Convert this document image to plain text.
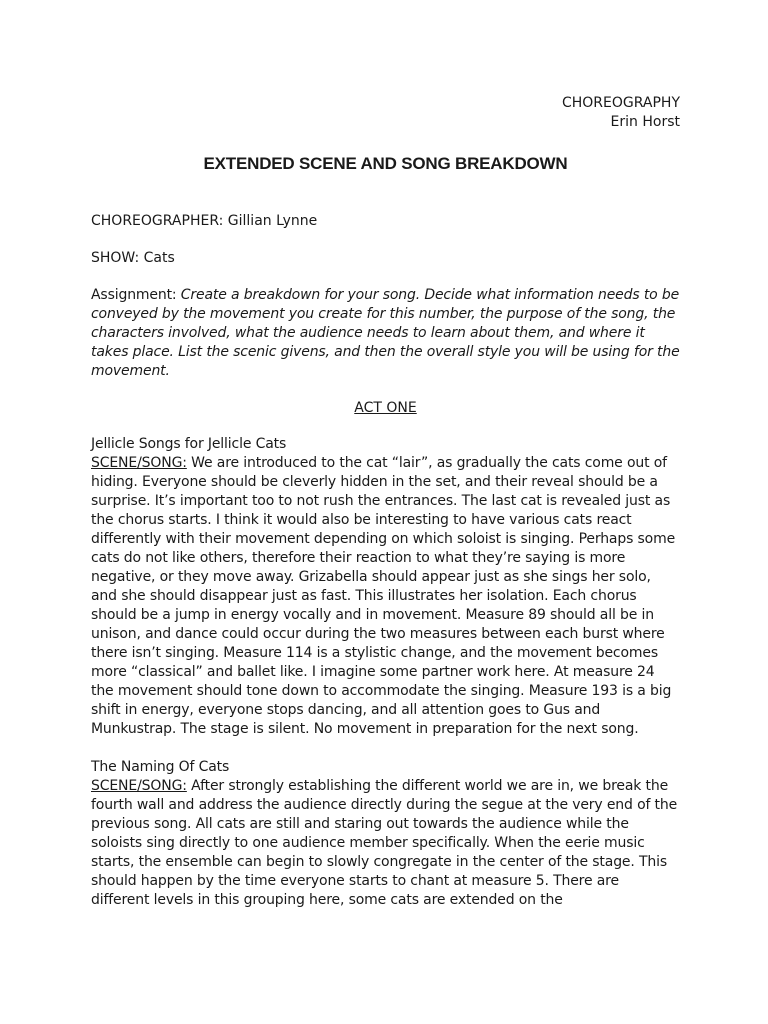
CHOREOGRAPHY
Erin Horst
EXTENDED SCENE AND SONG BREAKDOWN
CHOREOGRAPHER: Gillian Lynne
SHOW: Cats
Assignment: Create a breakdown for your song. Decide what information needs to be conveyed by the movement you create for this number, the purpose of the song, the characters involved, what the audience needs to learn about them, and where it takes place. List the scenic givens, and then the overall style you will be using for the movement.
ACT ONE
Jellicle Songs for Jellicle Cats
SCENE/SONG: We are introduced to the cat “lair”, as gradually the cats come out of hiding. Everyone should be cleverly hidden in the set, and their reveal should be a surprise. It’s important too to not rush the entrances. The last cat is revealed just as the chorus starts. I think it would also be interesting to have various cats react differently with their movement depending on which soloist is singing. Perhaps some cats do not like others, therefore their reaction to what they’re saying is more negative, or they move away. Grizabella should appear just as she sings her solo, and she should disappear just as fast. This illustrates her isolation. Each chorus should be a jump in energy vocally and in movement. Measure 89 should all be in unison, and dance could occur during the two measures between each burst where there isn’t singing. Measure 114 is a stylistic change, and the movement becomes more “classical” and ballet like. I imagine some partner work here. At measure 24 the movement should tone down to accommodate the singing. Measure 193 is a big shift in energy, everyone stops dancing, and all attention goes to Gus and Munkustrap. The stage is silent. No movement in preparation for the next song.
The Naming Of Cats
SCENE/SONG: After strongly establishing the different world we are in, we break the fourth wall and address the audience directly during the segue at the very end of the previous song. All cats are still and staring out towards the audience while the soloists sing directly to one audience member specifically. When the eerie music starts, the ensemble can begin to slowly congregate in the center of the stage. This should happen by the time everyone starts to chant at measure 5. There are different levels in this grouping here, some cats are extended on the
